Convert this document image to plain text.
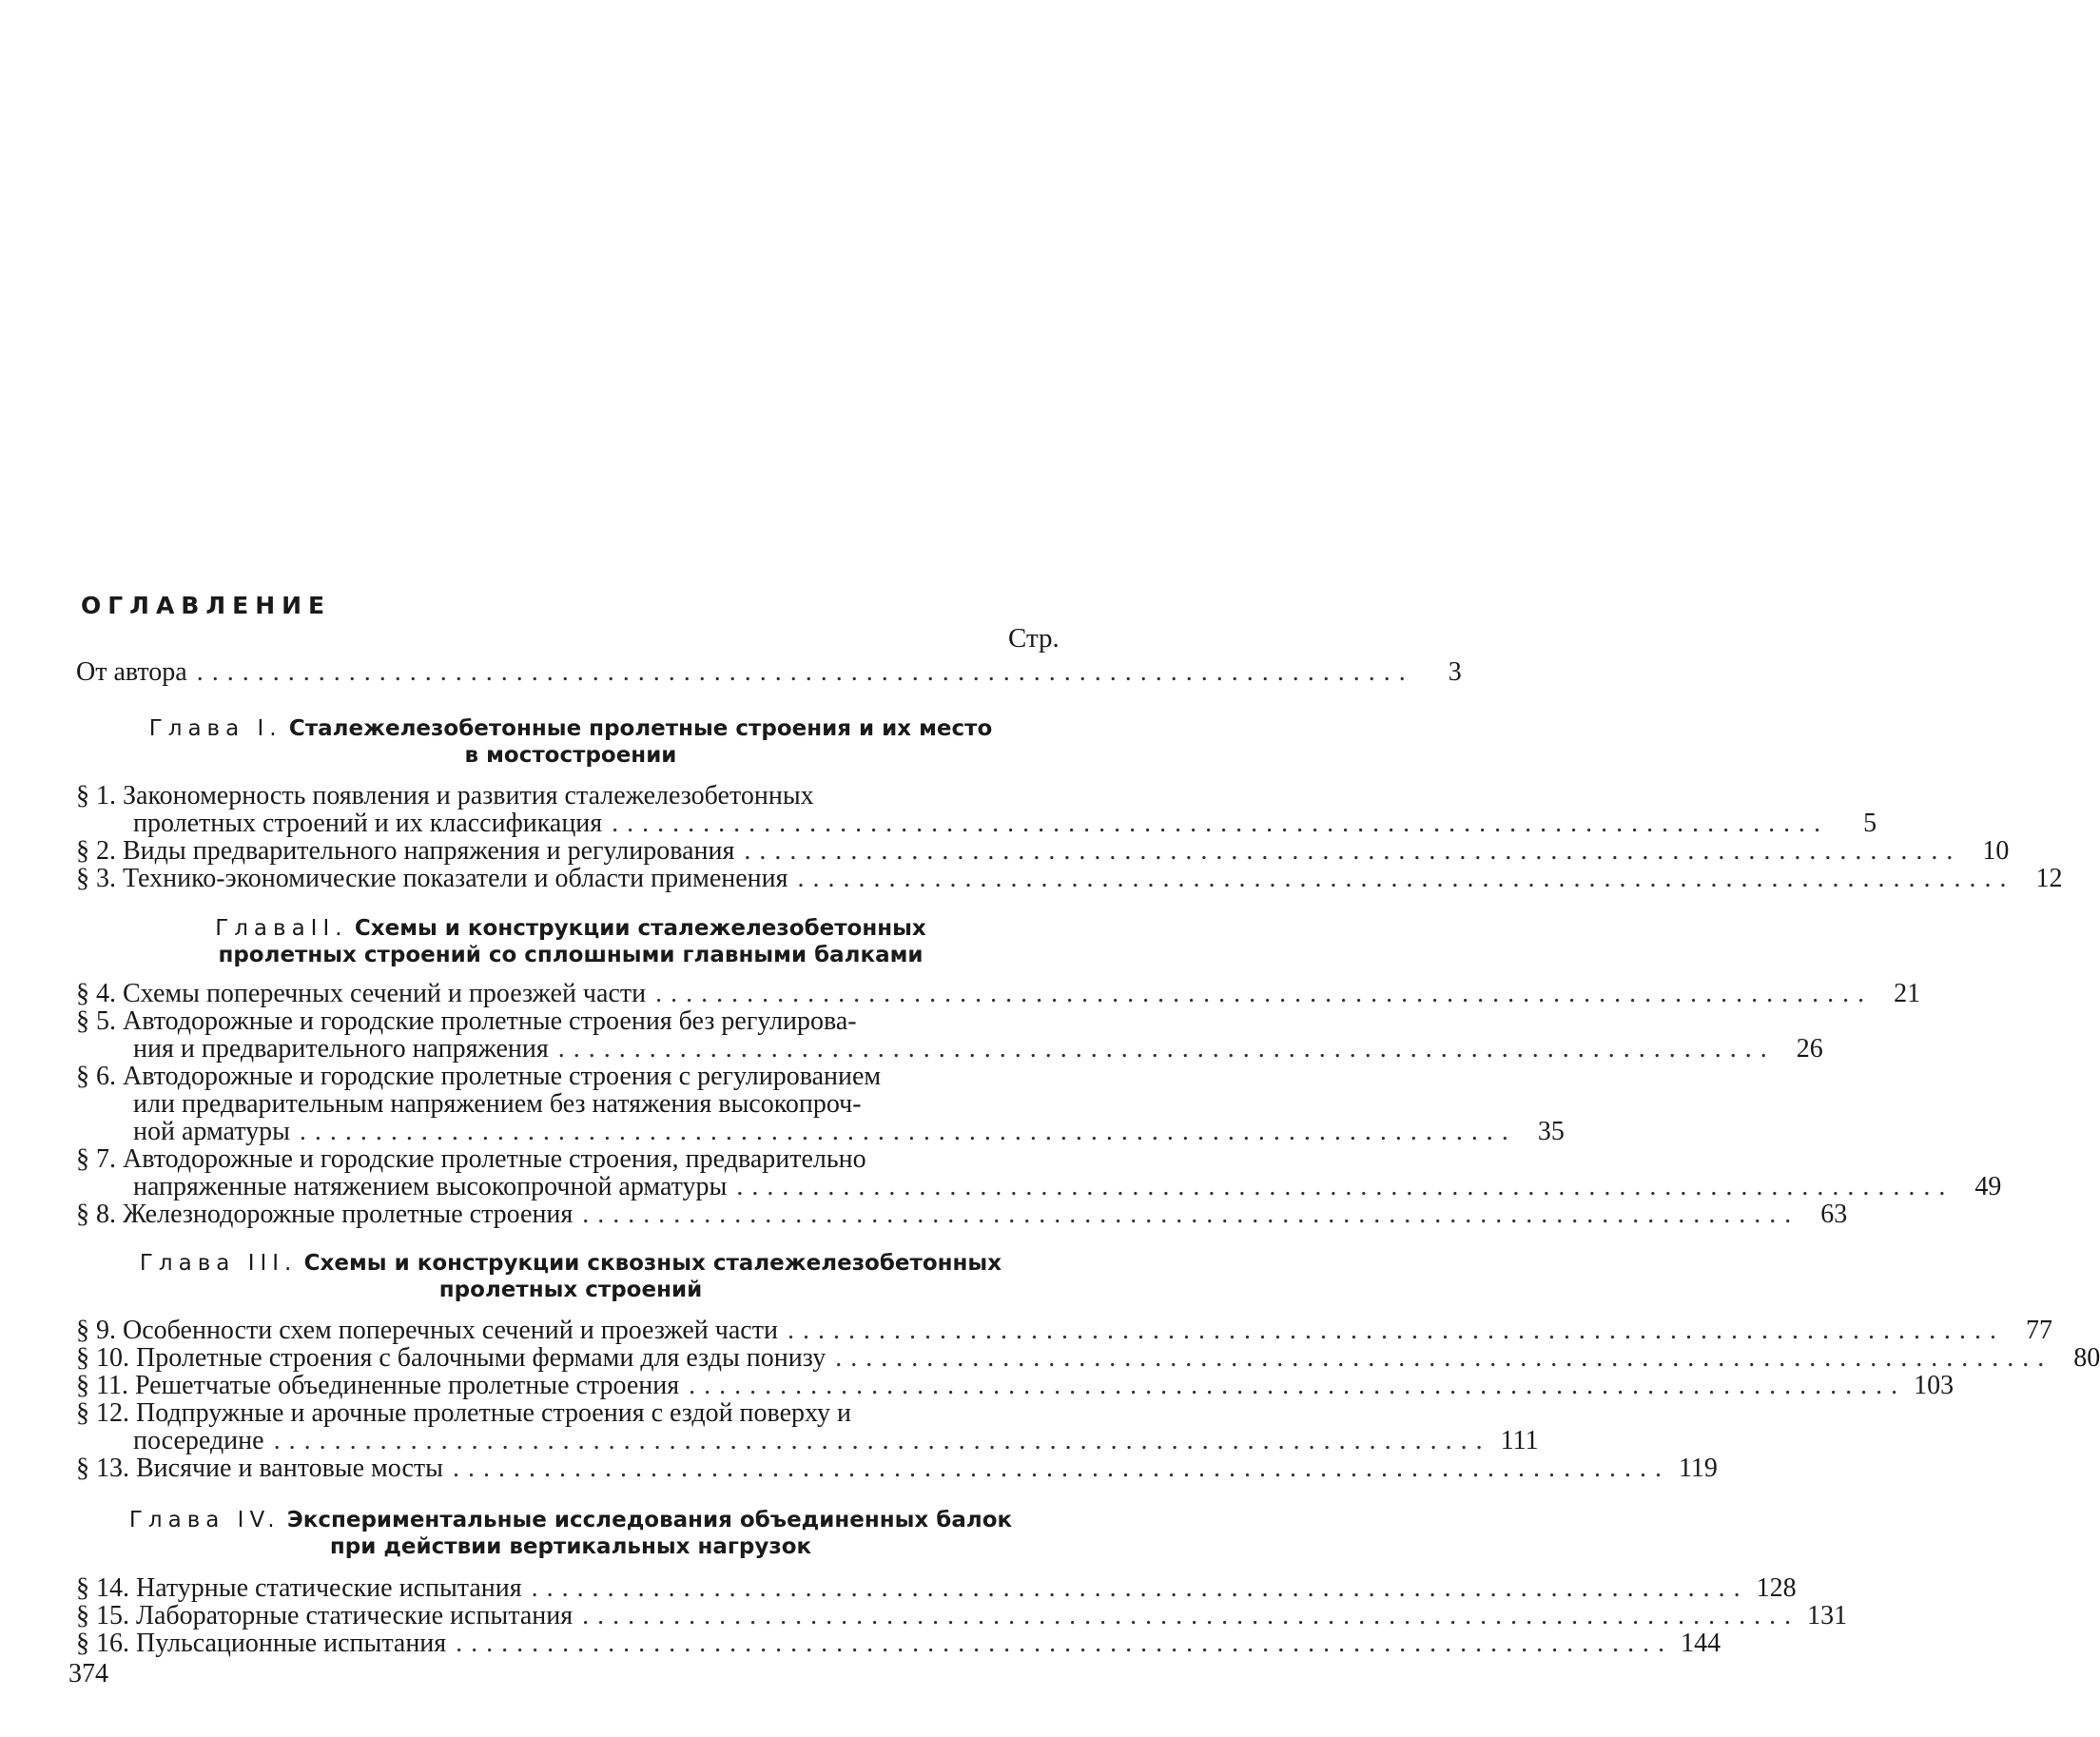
ОГЛАВЛЕНИЕ
Стр.
От автора ................................................................................	3
Глава I. Сталежелезобетонные пролетные строения и их место
в мостостроении
§ 1. Закономерность появления и развития сталежелезобетонных
пролетных строений и их классификация ................................................................................	5
§ 2. Виды предварительного напряжения и регулирования ................................................................................ 10
§ 3. Технико-экономические показатели и области применения ................................................................................ 12
ГлаваII. Схемы и конструкции сталежелезобетонных
пролетных строений со сплошными главными балками
§ 4. Схемы поперечных сечений и проезжей части ................................................................................ 21
§ 5. Автодорожные и городские пролетные строения без регулирова-
ния и предварительного напряжения ................................................................................ 26
§ 6. Автодорожные и городские пролетные строения с регулированием
или предварительным напряжением без натяжения высокопроч-
ной арматуры ................................................................................ 35
§ 7. Автодорожные и городские пролетные строения, предварительно
напряженные натяжением высокопрочной арматуры ................................................................................ 49
§ 8. Железнодорожные пролетные строения ................................................................................ 63
Глава III. Схемы и конструкции сквозных сталежелезобетонных
пролетных строений
§ 9. Особенности схем поперечных сечений и проезжей части ................................................................................ 77
§ 10. Пролетные строения с балочными фермами для езды понизу ................................................................................ 80
§ 11. Решетчатые объединенные пролетные строения ................................................................................ 103
§ 12. Подпружные и арочные пролетные строения с ездой поверху и
посередине ................................................................................ 111
§ 13. Висячие и вантовые мосты ................................................................................ 119
Глава IV. Экспериментальные исследования объединенных балок
при действии вертикальных нагрузок
§ 14. Натурные статические испытания ................................................................................ 128
§ 15. Лабораторные статические испытания ................................................................................ 131
§ 16. Пульсационные испытания ................................................................................ 144
374
